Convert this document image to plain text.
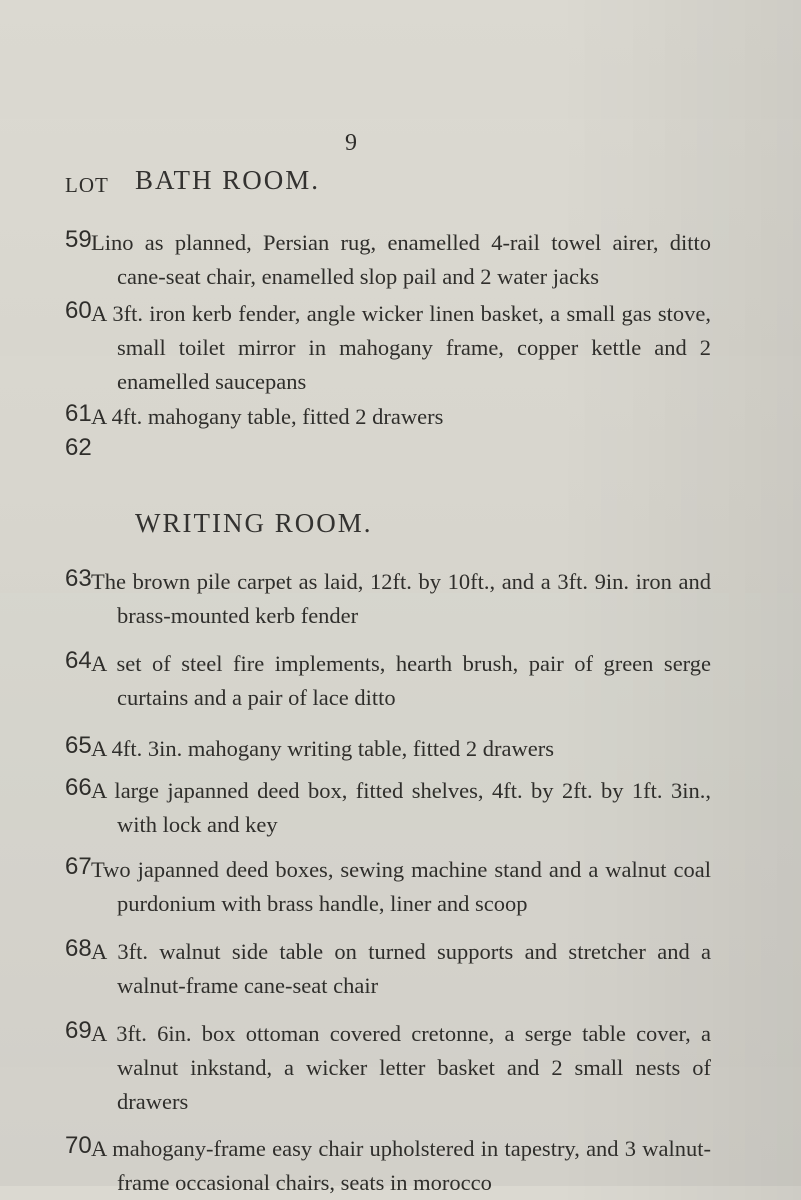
9
BATH ROOM.
LOT
59 Lino as planned, Persian rug, enamelled 4-rail towel airer, ditto cane-seat chair, enamelled slop pail and 2 water jacks
60 A 3ft. iron kerb fender, angle wicker linen basket, a small gas stove, small toilet mirror in mahogany frame, copper kettle and 2 enamelled saucepans
61 A 4ft. mahogany table, fitted 2 drawers
62
WRITING ROOM.
63 The brown pile carpet as laid, 12ft. by 10ft., and a 3ft. 9in. iron and brass-mounted kerb fender
64 A set of steel fire implements, hearth brush, pair of green serge curtains and a pair of lace ditto
65 A 4ft. 3in. mahogany writing table, fitted 2 drawers
66 A large japanned deed box, fitted shelves, 4ft. by 2ft. by 1ft. 3in., with lock and key
67 Two japanned deed boxes, sewing machine stand and a walnut coal purdonium with brass handle, liner and scoop
68 A 3ft. walnut side table on turned supports and stretcher and a walnut-frame cane-seat chair
69 A 3ft. 6in. box ottoman covered cretonne, a serge table cover, a walnut inkstand, a wicker letter basket and 2 small nests of drawers
70 A mahogany-frame easy chair upholstered in tapestry, and 3 walnut-frame occasional chairs, seats in morocco
